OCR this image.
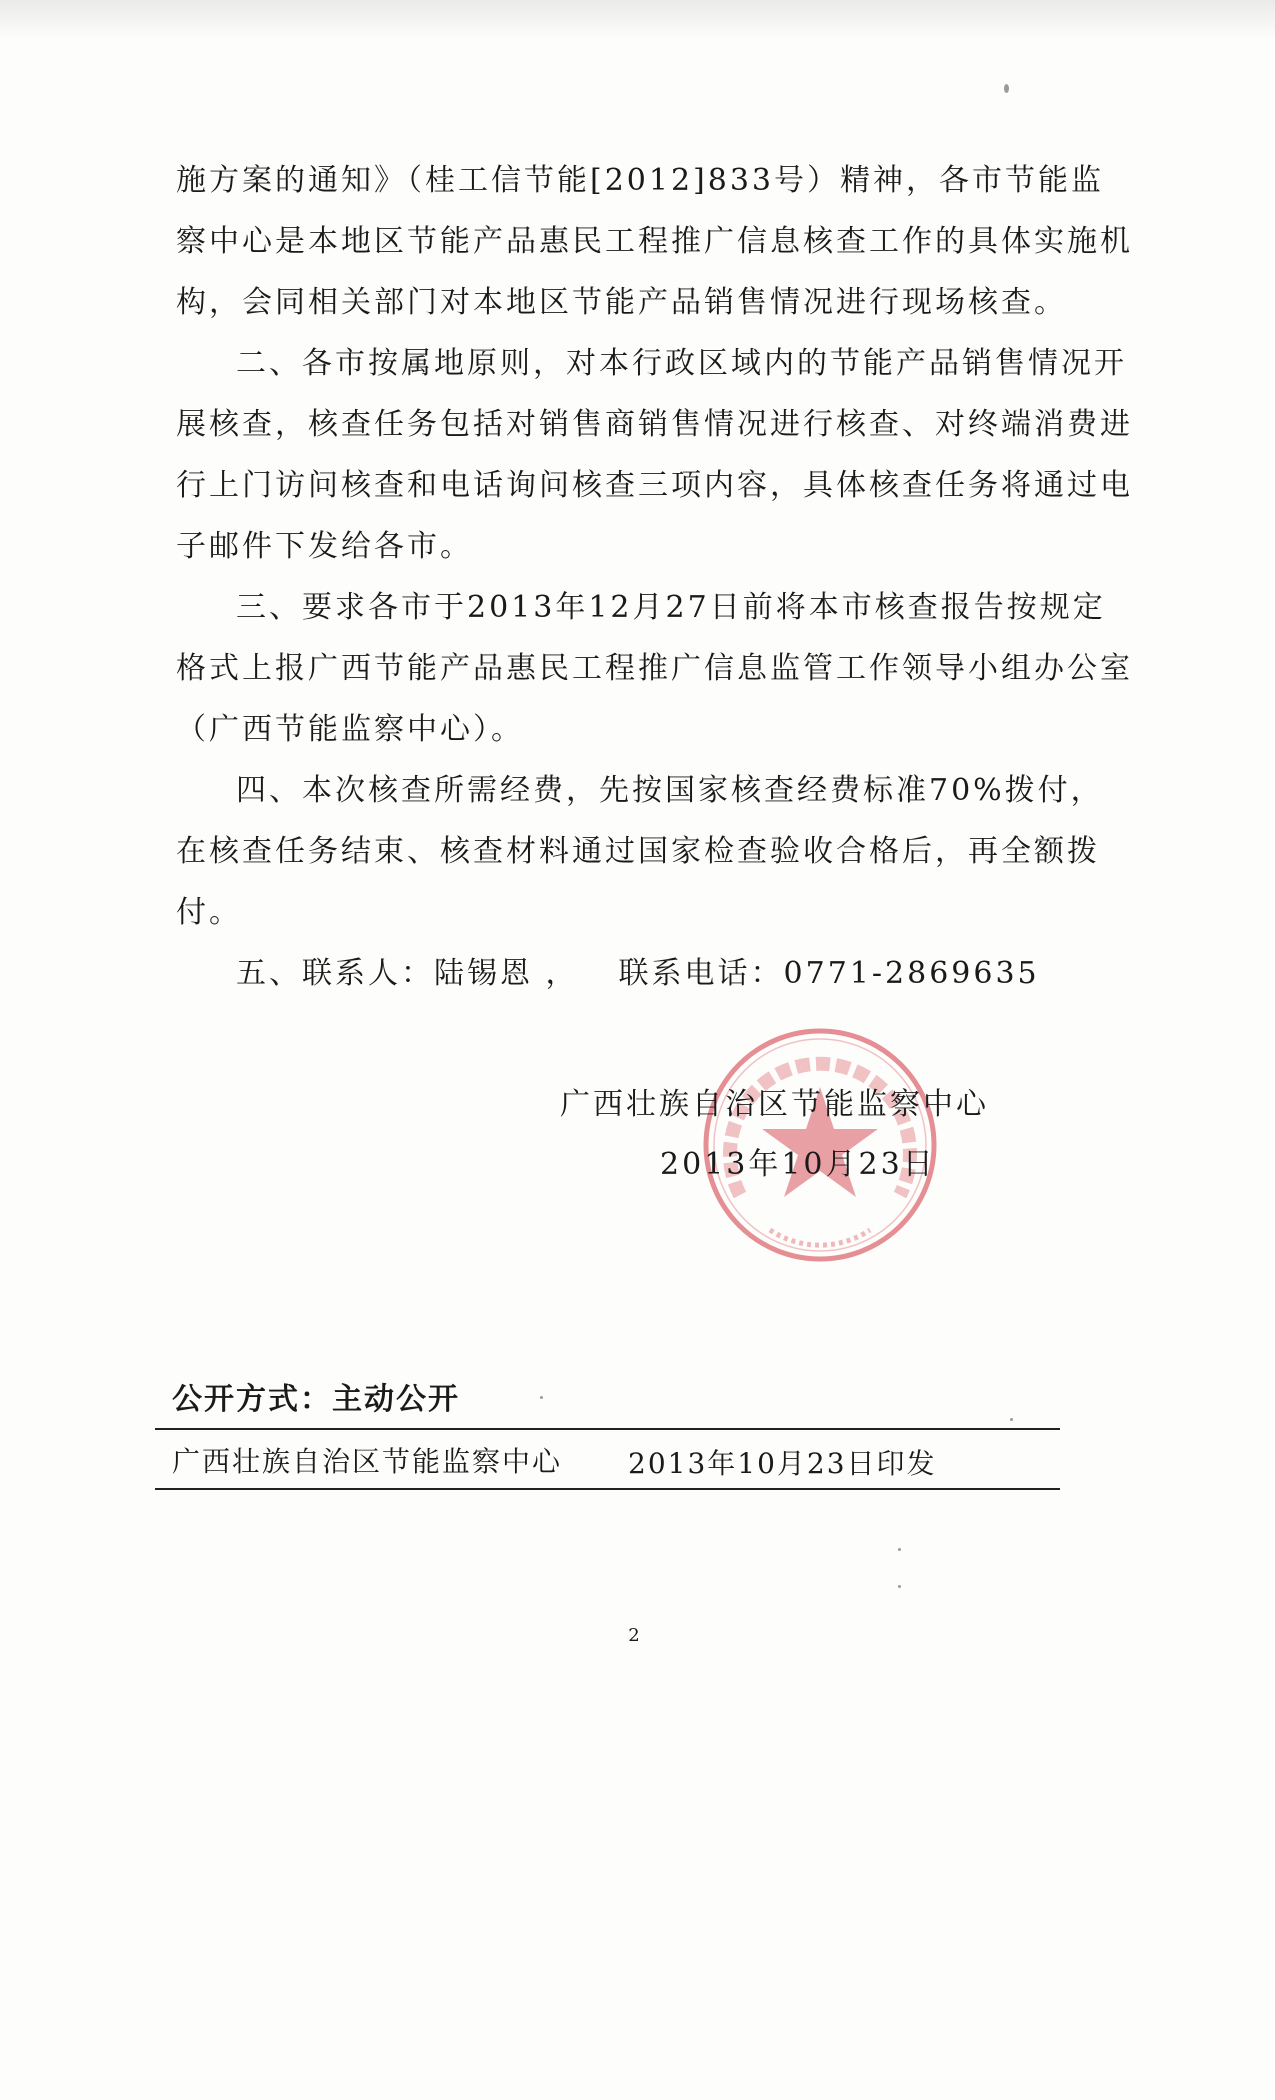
施方案的通知》（桂工信节能[2012]833号）精神，各市节能监察中心是本地区节能产品惠民工程推广信息核查工作的具体实施机构，会同相关部门对本地区节能产品销售情况进行现场核查。

二、各市按属地原则，对本行政区域内的节能产品销售情况开展核查，核查任务包括对销售商销售情况进行核查、对终端消费进行上门访问核查和电话询问核查三项内容，具体核查任务将通过电子邮件下发给各市。

三、要求各市于2013年12月27日前将本市核查报告按规定格式上报广西节能产品惠民工程推广信息监管工作领导小组办公室（广西节能监察中心）。

四、本次核查所需经费，先按国家核查经费标准70%拨付，在核查任务结束、核查材料通过国家检查验收合格后，再全额拨付。

五、联系人：陆锡恩 ， 联系电话：0771-2869635

广西壮族自治区节能监察中心
2013年10月23日
公开方式：主动公开
广西壮族自治区节能监察中心 2013年10月23日印发
2
